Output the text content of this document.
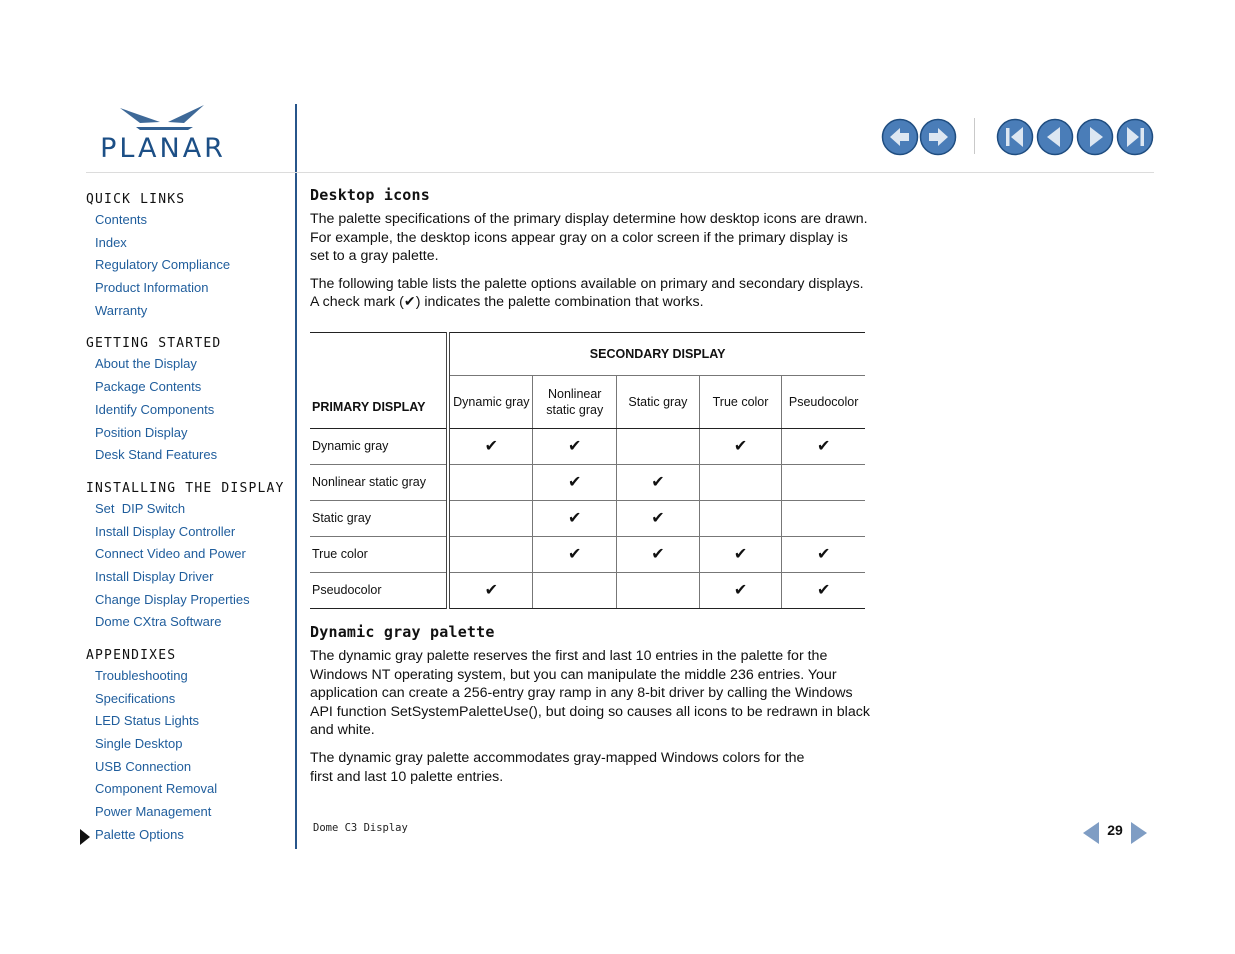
PLANAR
QUICK LINKS
Contents
Index
Regulatory Compliance
Product Information
Warranty
GETTING STARTED
About the Display
Package Contents
Identify Components
Position Display
Desk Stand Features
INSTALLING THE DISPLAY
Set  DIP Switch
Install Display Controller
Connect Video and Power
Install Display Driver
Change Display Properties
Dome CXtra Software
APPENDIXES
Troubleshooting
Specifications
LED Status Lights
Single Desktop
USB Connection
Component Removal
Power Management
Palette Options
Desktop icons

The palette specifications of the primary display determine how desktop icons are drawn. For example, the desktop icons appear gray on a color screen if the primary display is set to a gray palette.

The following table lists the palette options available on primary and secondary displays. A check mark (✔) indicates the palette combination that works.

PRIMARY DISPLAY	SECONDARY DISPLAY				
	Dynamic gray	Nonlinear static gray	Static gray	True color	Pseudocolor
Dynamic gray	✔	✔		✔	✔
Nonlinear static gray		✔	✔		
Static gray		✔	✔		
True color		✔	✔	✔	✔
Pseudocolor	✔			✔	✔
Dynamic gray palette

The dynamic gray palette reserves the first and last 10 entries in the palette for the Windows NT operating system, but you can manipulate the middle 236 entries. Your application can create a 256-entry gray ramp in any 8-bit driver by calling the Windows API function SetSystemPaletteUse(), but doing so causes all icons to be redrawn in black and white.

The dynamic gray palette accommodates gray-mapped Windows colors for the first and last 10 palette entries.

Dome C3 Display	29
